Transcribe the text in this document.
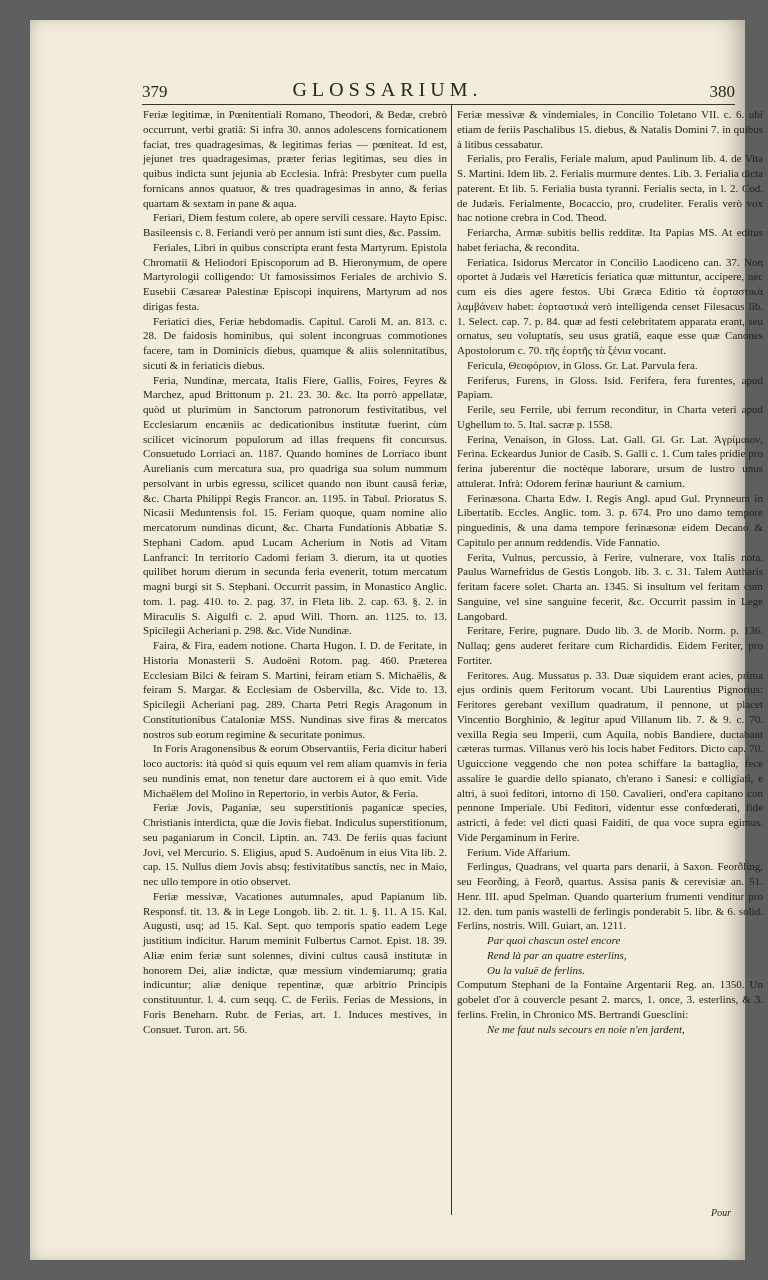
379	GLOSSARIUM.	380

Feriæ legitimæ, in Pœnitentiali Romano, Theodori, & Bedæ, crebrò occurrunt, verbi gratiâ: Si infra 30. annos adolescens fornicationem faciat, tres quadragesimas, & legitimas ferias — pœniteat. Id est, jejunet tres quadragesimas, præter ferias legitimas, seu dies in quibus indicta sunt jejunia ab Ecclesia. Infrà: Presbyter cum puella fornicans annos quatuor, & tres quadragesimas in anno, & ferias quartam & sextam in pane & aqua.

Feriari, Diem festum colere, ab opere servili cessare. Hayto Episc. Basileensis c. 8. Feriandi verò per annum isti sunt dies, &c. Passim.

Feriales, Libri in quibus conscripta erant festa Martyrum. Epistola Chromatii & Heliodori Episcoporum ad B. Hieronymum, de opere Martyrologii colligendo: Ut famosissimos Feriales de archivio S. Eusebii Cæsareæ Palestinæ Episcopi inquirens, Martyrum ad nos dirigas festa.

Feriatici dies, Feriæ hebdomadis. Capitul. Caroli M. an. 813. c. 28. De faidosis hominibus, qui solent incongruas commotiones facere, tam in Dominicis diebus, quamque & aliis solennitatibus, sicuti & in feriaticis diebus.

Feria, Nundinæ, mercata, Italis Fiere, Gallis, Foires, Feyres & Marchez, apud Brittonum p. 21. 23. 30. &c. Ita porrò appellatæ, quòd ut plurimùm in Sanctorum patronorum festivitatibus, vel Ecclesiarum encæniis ac dedicationibus institutæ fuerint, cùm scilicet vicinorum populorum ad illas frequens fit concursus. Consuetudo Lorriaci an. 1187. Quando homines de Lorriaco ibunt Aurelianis cum mercatura sua, pro quadriga sua solum nummum persolvant in urbis egressu, scilicet quando non ibunt causâ feriæ, &c. Charta Philippi Regis Francor. an. 1195. in Tabul. Prioratus S. Nicasii Meduntensis fol. 15. Feriam quoque, quam nomine alio mercatorum nundinas dicunt, &c. Charta Fundationis Abbatiæ S. Stephani Cadom. apud Lucam Acherium in Notis ad Vitam Lanfranci: In territorio Cadomi feriam 3. dierum, ita ut quoties quilibet horum dierum in secunda feria evenerit, totum mercatum magni burgi sit S. Stephani. Occurrit passim, in Monastico Anglic. tom. 1. pag. 410. to. 2. pag. 37. in Fleta lib. 2. cap. 63. §. 2. in Miraculis S. Aigulfi c. 2. apud Will. Thorn. an. 1125. to. 13. Spicilegii Acheriani p. 298. &c. Vide Nundinæ.

Faira, & Fira, eadem notione. Charta Hugon. I. D. de Feritate, in Historia Monasterii S. Audoëni Rotom. pag. 460. Præterea Ecclesiam Bilci & feiram S. Martini, feiram etiam S. Michaëlis, & feiram S. Margar. & Ecclesiam de Osbervilla, &c. Vide to. 13. Spicilegii Acheriani pag. 289. Charta Petri Regis Aragonum in Constitutionibus Cataloniæ MSS. Nundinas sive firas & mercatos nostros sub eorum regimine & securitate ponimus.

In Foris Aragonensibus & eorum Observantiis, Feria dicitur haberi loco auctoris: ità quòd si quis equum vel rem aliam quamvis in feria seu nundinis emat, non tenetur dare auctorem ei à quo emit. Vide Michaëlem del Molino in Repertorio, in verbis Autor, & Feria.

Feriæ Jovis, Paganiæ, seu superstitionis paganicæ species, Christianis interdicta, quæ die Jovis fiebat. Indiculus superstitionum, seu paganiarum in Concil. Liptin. an. 743. De feriis quas faciunt Jovi, vel Mercurio. S. Eligius, apud S. Audoënum in eius Vita lib. 2. cap. 15. Nullus diem Jovis absq; festivitatibus sanctis, nec in Maio, nec ullo tempore in otio observet.

Feriæ messivæ, Vacationes autumnales, apud Papianum lib. Responsf. tit. 13. & in Lege Longob. lib. 2. tit. 1. §. 11. A 15. Kal. Augusti, usq; ad 15. Kal. Sept. quo temporis spatio eadem Lege justitium indicitur. Harum meminit Fulbertus Carnot. Epist. 18. 39. Aliæ enim feriæ sunt solennes, divini cultus causâ institutæ in honorem Dei, aliæ indictæ, quæ messium vindemiarumq; gratia indicuntur; aliæ denique repentinæ, quæ arbitrio Principis constituuntur. l. 4. cum seqq. C. de Feriis. Ferias de Messions, in Foris Beneharn. Rubr. de Ferias, art. 1. Induces mestives, in Consuet. Turon. art. 56.

Feriæ messivæ & vindemiales, in Concilio Toletano VII. c. 6. ubi etiam de feriis Paschalibus 15. diebus, & Natalis Domini 7. in quibus à litibus cessabatur.

Ferialis, pro Feralis, Feriale malum, apud Paulinum lib. 4. de Vita S. Martini. Idem lib. 2. Ferialis murmure dentes. Lib. 3. Ferialia dicta paterent. Et lib. 5. Ferialia busta tyranni. Ferialis secta, in l. 2. Cod. de Judæis. Ferialmente, Bocaccio, pro, crudeliter. Feralis verò vox hac notione crebra in Cod. Theod.

Feriarcha, Armæ subitis bellis redditæ. Ita Papias MS. At editus habet feriacha, & recondita.

Feriatica. Isidorus Mercator in Concilio Laodiceno can. 37. Non oportet à Judæis vel Hæreticis feriatica quæ mittuntur, accipere, nec cum eis dies agere festos. Ubi Græca Editio τὰ ἑορταστικὰ λαμβάνειν habet: ἑορταστικά verò intelligenda censet Filesacus lib. 1. Select. cap. 7. p. 84. quæ ad festi celebritatem apparata erant, seu ornatus, seu voluptatis, seu usus gratiâ, eaque esse quæ Canones Apostolorum c. 70. τῆς ἑορτῆς τὰ ξένια vocant.

Fericula, Θεοφόριον, in Gloss. Gr. Lat. Parvula fera.

Feriferus, Furens, in Gloss. Isid. Ferifera, fera furentes, apud Papiam.

Ferile, seu Ferrile, ubi ferrum reconditur, in Charta veteri apud Ughellum to. 5. Ital. sacræ p. 1558.

Ferina, Venaison, in Gloss. Lat. Gall. Gl. Gr. Lat. Ἀγρίμαιον, Ferina. Eckeardus Junior de Casib. S. Galli c. 1. Cum tales pridie pro ferina juberentur die noctèque laborare, ursum de lustro unus attulerat. Infrà: Odorem ferinæ hauriunt & carnium.

Ferinæsona. Charta Edw. I. Regis Angl. apud Gul. Prynneum in Libertatib. Eccles. Anglic. tom. 3. p. 674. Pro uno damo tempore pinguedinis, & una dama tempore ferinæsonæ eidem Decano & Capitulo per annum reddendis. Vide Fannatio.

Ferita, Vulnus, percussio, à Ferire, vulnerare, vox Italis nota. Paulus Warnefridus de Gestis Longob. lib. 3. c. 31. Talem Autharis feritam facere solet. Charta an. 1345. Si insultum vel feritam cum Sanguine, vel sine sanguine fecerit, &c. Occurrit passim in Lege Langobard.

Feritare, Ferire, pugnare. Dudo lib. 3. de Morib. Norm. p. 136. Nullaq; gens auderet feritare cum Richardidis. Eidem Feriter, pro Fortiter.

Feritores. Aug. Mussatus p. 33. Duæ siquidem erant acies, prima ejus ordinis quem Feritorum vocant. Ubi Laurentius Pignorius: Feritores gerebant vexillum quadratum, il pennone, ut placet Vincentio Borghinio, & legitur apud Villanum lib. 7. & 9. c. 70. vexilla Regia seu Imperii, cum Aquila, nobis Bandiere, ductabant cæteras turmas. Villanus verò his locis habet Feditors. Dicto cap. 70. Uguiccione veggendo che non potea schiffare la battaglia, fece assalire le guardie dello spianato, ch'erano i Sanesi: e colligiati, e altri, à suoi feditori, intorno di 150. Cavalieri, ond'era capitano con pennone Imperiale. Ubi Feditori, videntur esse confœderati, fide astricti, à fede: vel dicti quasi Faiditi, de qua voce supra egimus. Vide Pergaminum in Ferire.

Ferium. Vide Affarium.

Ferlingus, Quadrans, vel quarta pars denarii, à Saxon. Feorðling, seu Feorðing, à Feorð, quartus. Assisa panis & cerevisiæ an. 51. Henr. III. apud Spelman. Quando quarterium frumenti venditur pro 12. den. tum panis wastelli de ferlingis ponderabit 5. libr. & 6. solid. Ferlins, nostris. Will. Guiart, an. 1211.

Par quoi chascun ostel encore

Rend là par an quatre esterlins,

Ou la valuë de ferlins.

Computum Stephani de la Fontaine Argentarii Reg. an. 1350. Un gobelet d'or à couvercle pesant 2. marcs, 1. once, 3. esterlins, & 3. ferlins. Frelin, in Chronico MS. Bertrandi Guesclini:

Ne me faut nuls secours en noie n'en jardent,

Pour
